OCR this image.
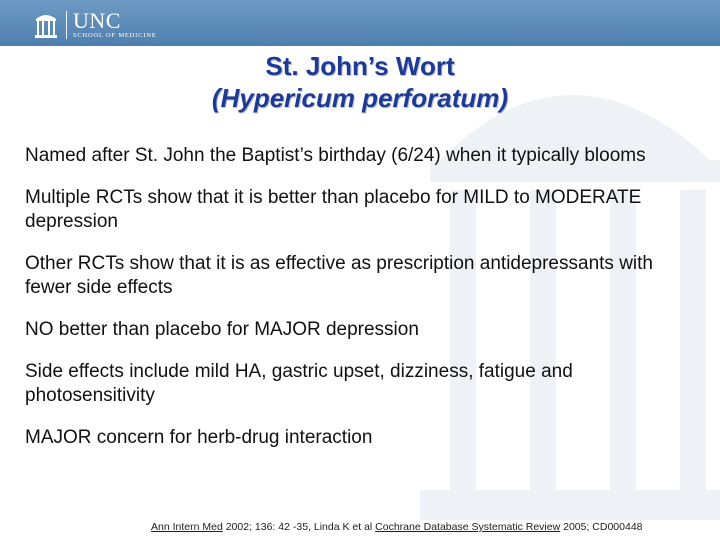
UNC
SCHOOL OF MEDICINE
St. John’s Wort
(Hypericum perforatum)
Named after St. John the Baptist’s birthday (6/24) when it typically blooms
Multiple RCTs show that it is better than placebo for MILD to MODERATE depression
Other RCTs show that it is as effective as prescription antidepressants with fewer side effects
NO better than placebo for MAJOR depression
Side effects include mild HA, gastric upset, dizziness, fatigue and photosensitivity
MAJOR concern for herb-drug interaction
Ann Intern Med 2002; 136: 42 -35, Linda K et al Cochrane Database Systematic Review 2005; CD000448
